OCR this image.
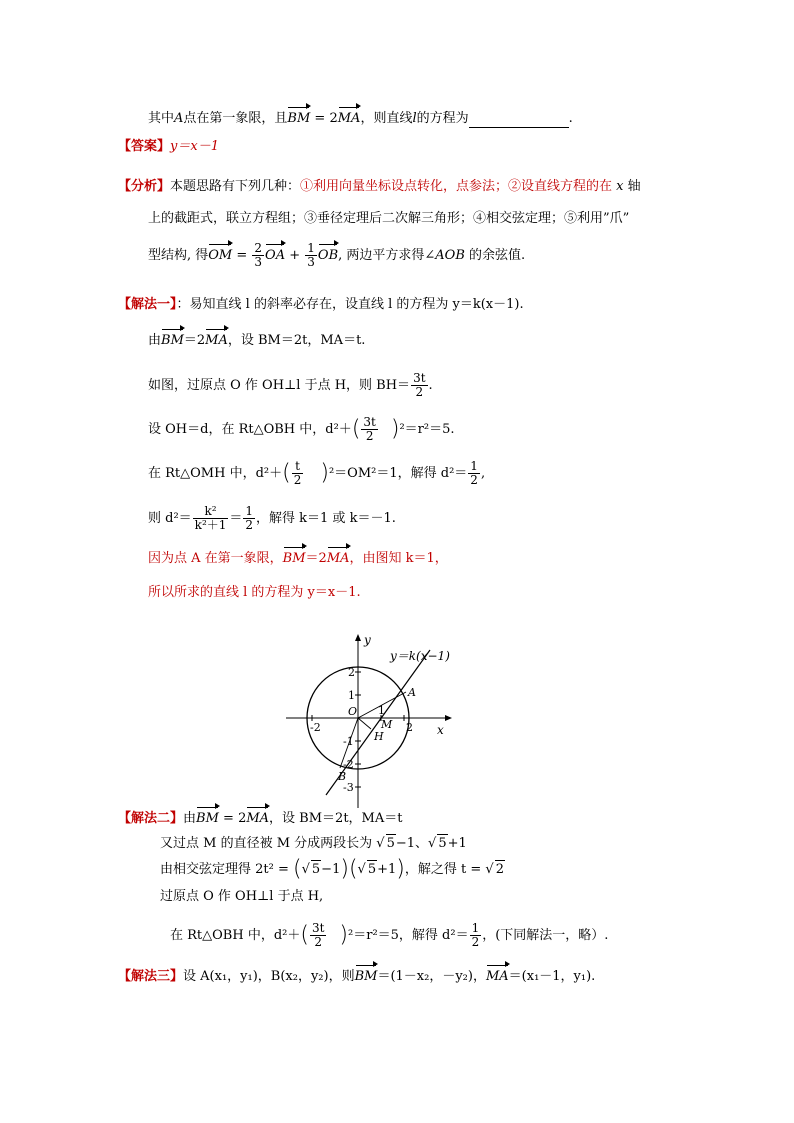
其中A点在第一象限，且BM = 2MA，则直线l的方程为	.
【答案】y＝x－1
【分析】本题思路有下列几种：①利用向量坐标设点转化，点参法；②设直线方程的在 x 轴
上的截距式，联立方程组；③垂径定理后二次解三角形；④相交弦定理；⑤利用”爪”
型结构, 得OM = $\frac{2}{3}$ OA + $\frac{1}{3}$ OB, 两边平方求得∠AOB 的余弦值.
【解法一】：易知直线 l 的斜率必存在，设直线 l 的方程为 y＝k(x－1).
由BM＝2MA，设 BM＝2t，MA＝t.
如图，过原点 O 作 OH⊥l 于点 H，则 $BH= \frac{3t}{2}$ .
设 OH＝d，在 Rt△OBH 中，$d^2+( \frac{3t}{2} )^2=r^2=5$.
在 Rt△OMH 中，$d^2+( \frac{t}{2} )^2=OM^2=1$，解得 $d^2= \frac{1}{2}$ ,
则 $d^2= \frac{\text{k²}}{\text{k²＋1}} = \frac{1}{2}$ ，解得 k＝1 或 k＝－1.
因为点 A 在第一象限，BM＝2MA，由图知 k＝1，
所以所求的直线 l 的方程为 y＝x－1.
y
x
y＝k(x−1)
O
A
B
M
H
2
1
-1
-2
-3
-2
1
2
【解法二】由BM = 2MA，设 BM＝2t，MA＝t
又过点 M 的直径被 M 分成两段长为 √ 5−1、√ 5+1
由相交弦定理得 2t² = (√ 5−1)(√ 5+1)，解之得 t = √ 2
过原点 O 作 OH⊥l 于点 H,
在 Rt△OBH 中，$d^2+( \frac{3t}{2} )^2=r^2=5$，解得 $d^2= \frac{1}{2}$ ，(下同解法一，略）.
【解法三】设 A(x₁，y₁)，B(x₂，y₂)，则BM＝(1－x₂，－y₂)，MA＝(x₁－1，y₁).
